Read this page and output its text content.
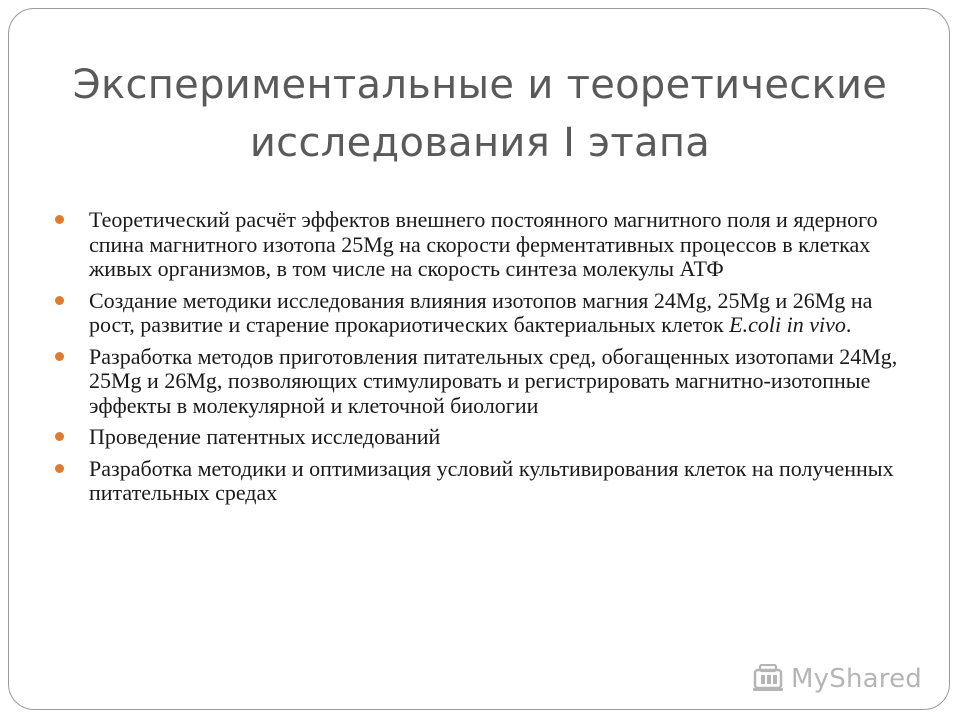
Экспериментальные и теоретические
исследования I этапа
Теоретический расчёт эффектов внешнего постоянного магнитного поля и ядерного спина магнитного изотопа 25Mg на скорости ферментативных процессов в клетках живых организмов, в том числе на скорость синтеза молекулы АТФ
Создание методики исследования влияния изотопов магния 24Mg, 25Mg и 26Mg на рост, развитие и старение прокариотических бактериальных клеток E.coli in vivo.
Разработка методов приготовления питательных сред, обогащенных изотопами 24Mg, 25Mg и 26Mg, позволяющих стимулировать и регистрировать магнитно-изотопные эффекты в молекулярной и клеточной биологии
Проведение патентных исследований
Разработка методики и оптимизация условий культивирования клеток на полученных питательных средах
MyShared
